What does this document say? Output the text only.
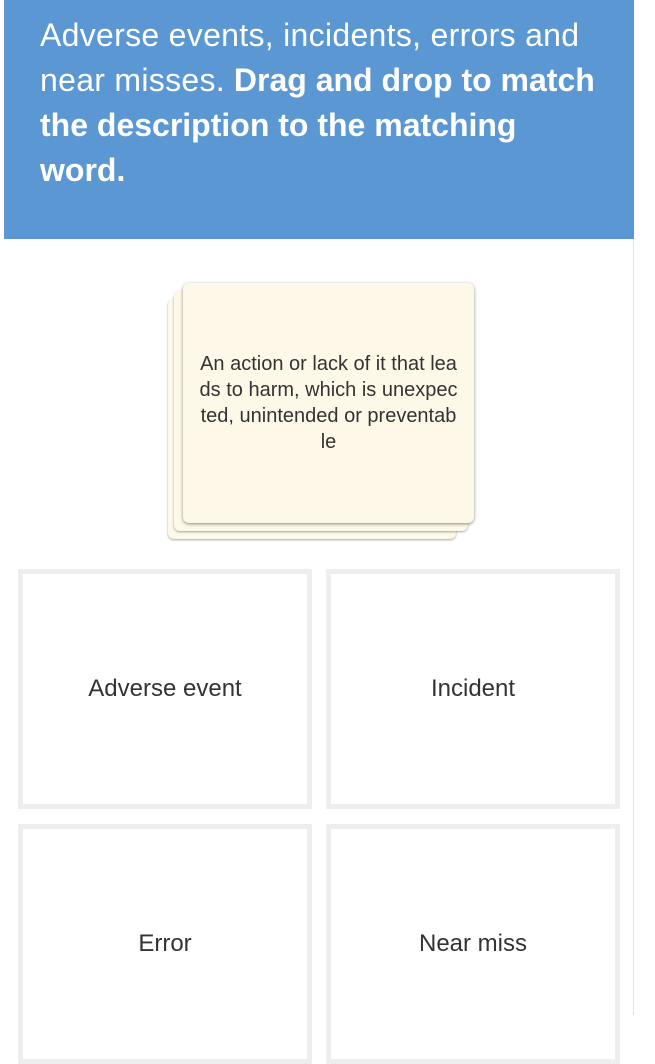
Adverse events, incidents, errors and near misses. Drag and drop to match the description to the matching word.
An action or lack of it that leads to harm, which is unexpected, unintended or preventable
Adverse event	Incident
Error	Near miss
